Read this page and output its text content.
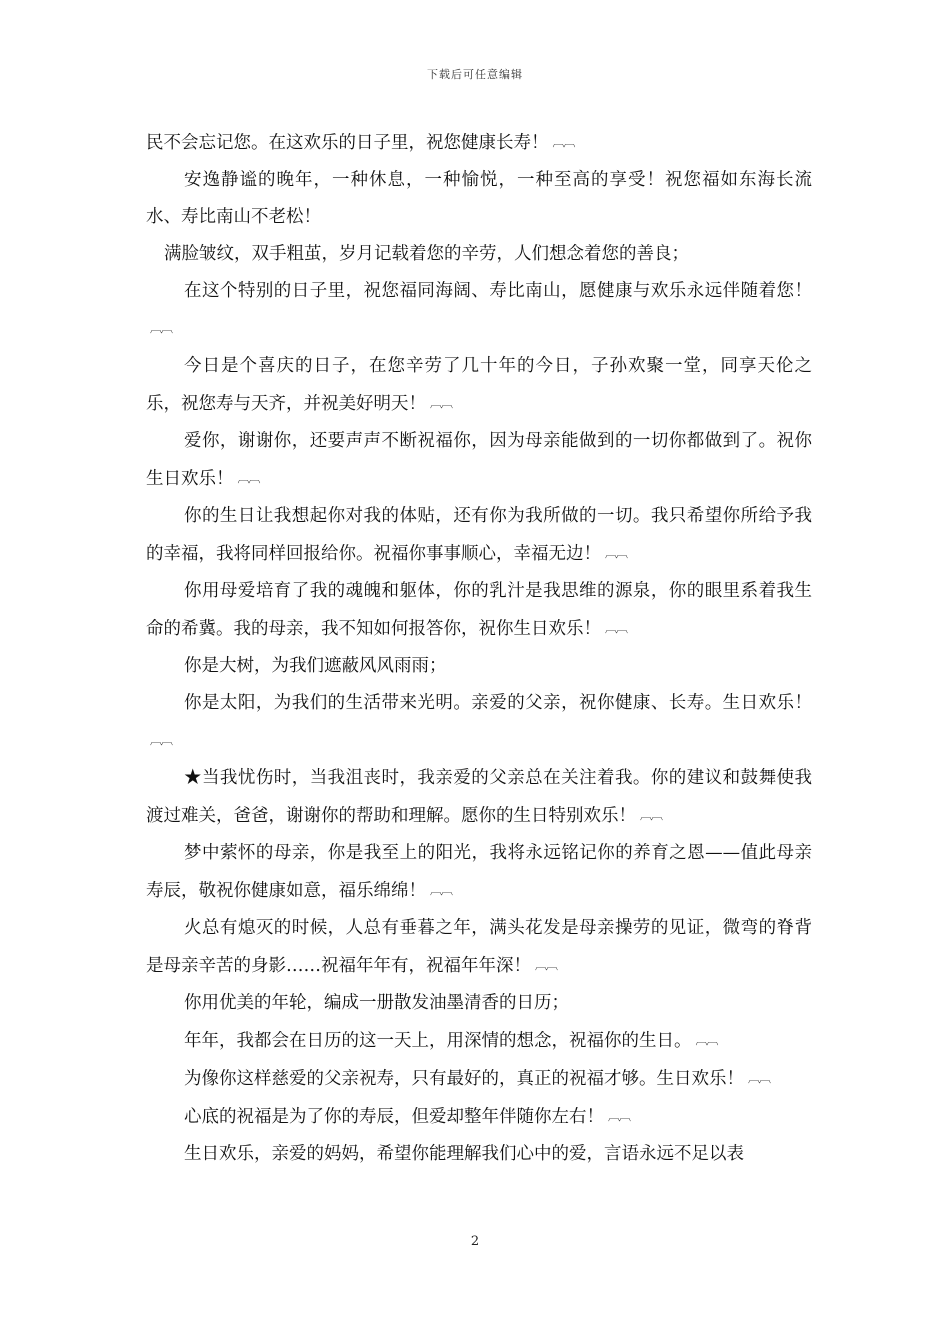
下载后可任意编辑

民不会忘记您。在这欢乐的日子里，祝您健康长寿！ ︹︹

安逸静谧的晚年，一种休息，一种愉悦，一种至高的享受！祝您福如东海长流水、寿比南山不老松！

满脸皱纹，双手粗茧，岁月记载着您的辛劳，人们想念着您的善良；

在这个特别的日子里，祝您福同海阔、寿比南山，愿健康与欢乐永远伴随着您！︹︹

今日是个喜庆的日子，在您辛劳了几十年的今日，子孙欢聚一堂，同享天伦之乐，祝您寿与天齐，并祝美好明天！ ︹︹

爱你，谢谢你，还要声声不断祝福你，因为母亲能做到的一切你都做到了。祝你生日欢乐！ ︹︹

你的生日让我想起你对我的体贴，还有你为我所做的一切。我只希望你所给予我的幸福，我将同样回报给你。祝福你事事顺心，幸福无边！ ︹︹

你用母爱培育了我的魂魄和躯体，你的乳汁是我思维的源泉，你的眼里系着我生命的希冀。我的母亲，我不知如何报答你，祝你生日欢乐！ ︹︹

你是大树，为我们遮蔽风风雨雨；

你是太阳，为我们的生活带来光明。亲爱的父亲，祝你健康、长寿。生日欢乐！︹︹

★当我忧伤时，当我沮丧时，我亲爱的父亲总在关注着我。你的建议和鼓舞使我渡过难关，爸爸，谢谢你的帮助和理解。愿你的生日特别欢乐！ ︹︹

梦中萦怀的母亲，你是我至上的阳光，我将永远铭记你的养育之恩——值此母亲寿辰，敬祝你健康如意，福乐绵绵！ ︹︹

火总有熄灭的时候，人总有垂暮之年，满头花发是母亲操劳的见证，微弯的脊背是母亲辛苦的身影……祝福年年有，祝福年年深！ ︹︹

你用优美的年轮，编成一册散发油墨清香的日历；

年年，我都会在日历的这一天上，用深情的想念，祝福你的生日。 ︹︹

为像你这样慈爱的父亲祝寿，只有最好的，真正的祝福才够。生日欢乐！ ︹︹

心底的祝福是为了你的寿辰，但爱却整年伴随你左右！ ︹︹

生日欢乐，亲爱的妈妈，希望你能理解我们心中的爱，言语永远不足以表

2
